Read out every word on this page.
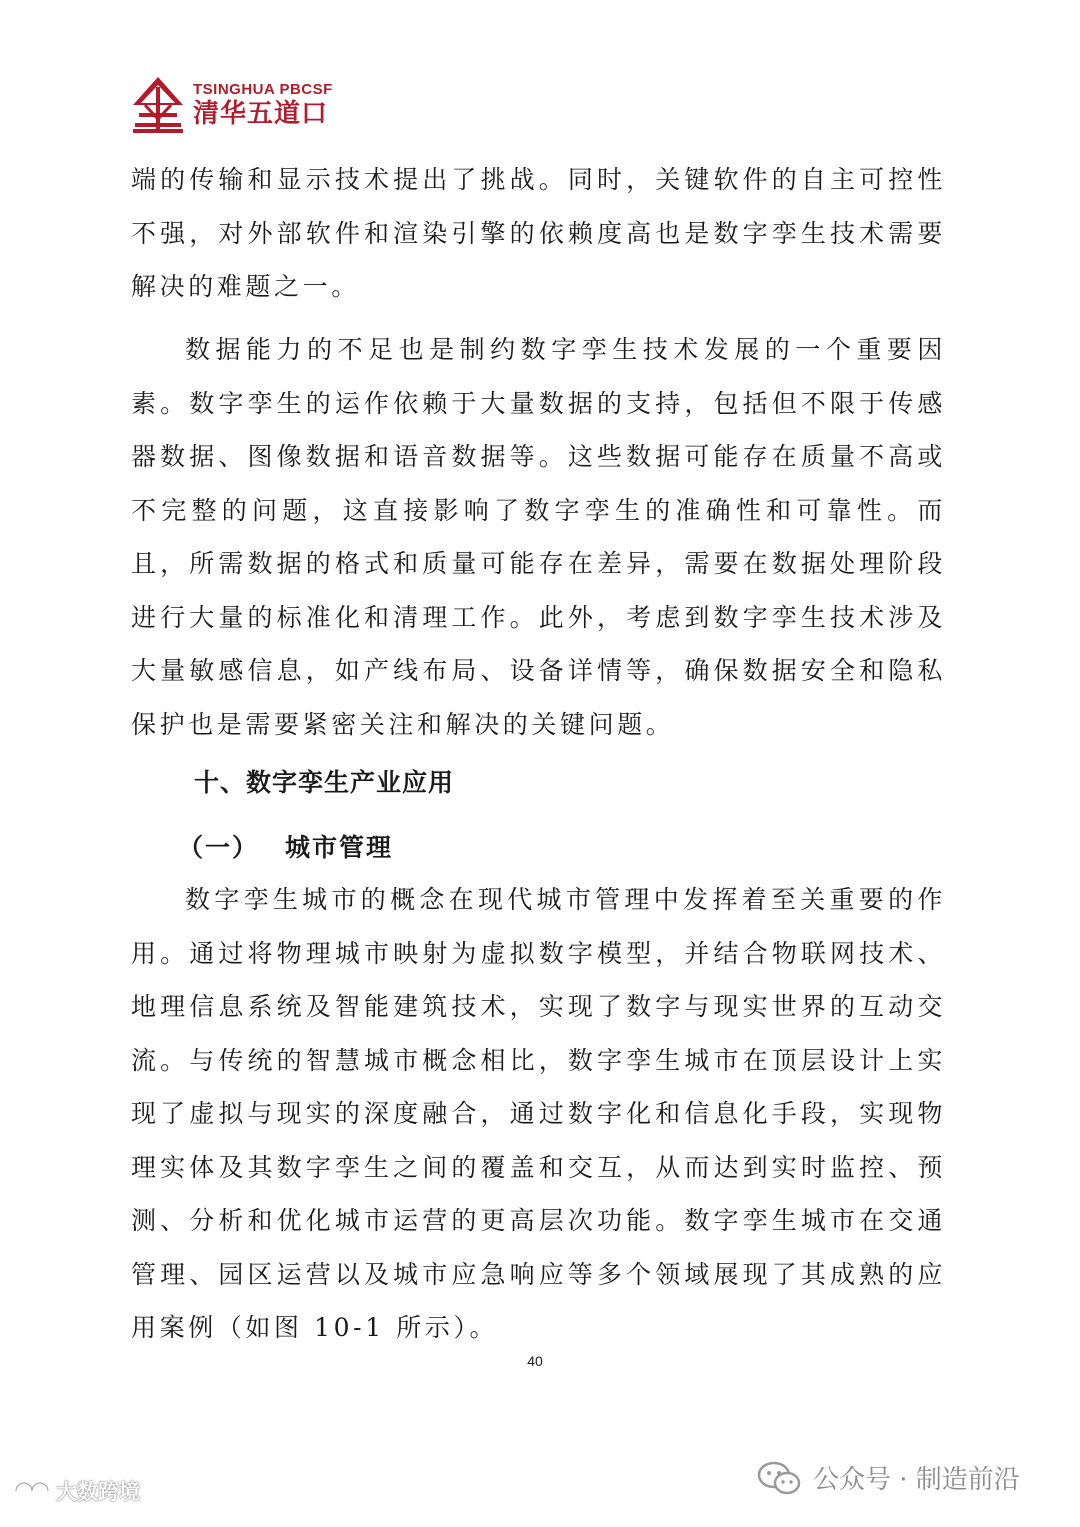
TSINGHUA PBCSF
清华五道口

端的传输和显示技术提出了挑战。同时，关键软件的自主可控性不强，对外部软件和渲染引擎的依赖度高也是数字孪生技术需要解决的难题之一。

数据能力的不足也是制约数字孪生技术发展的一个重要因素。数字孪生的运作依赖于大量数据的支持，包括但不限于传感器数据、图像数据和语音数据等。这些数据可能存在质量不高或不完整的问题，这直接影响了数字孪生的准确性和可靠性。而且，所需数据的格式和质量可能存在差异，需要在数据处理阶段进行大量的标准化和清理工作。此外，考虑到数字孪生技术涉及大量敏感信息，如产线布局、设备详情等，确保数据安全和隐私保护也是需要紧密关注和解决的关键问题。

十、数字孪生产业应用
（一） 城市管理

数字孪生城市的概念在现代城市管理中发挥着至关重要的作用。通过将物理城市映射为虚拟数字模型，并结合物联网技术、地理信息系统及智能建筑技术，实现了数字与现实世界的互动交流。与传统的智慧城市概念相比，数字孪生城市在顶层设计上实现了虚拟与现实的深度融合，通过数字化和信息化手段，实现物理实体及其数字孪生之间的覆盖和交互，从而达到实时监控、预测、分析和优化城市运营的更高层次功能。数字孪生城市在交通管理、园区运营以及城市应急响应等多个领域展现了其成熟的应用案例（如图 10-1 所示）。

40
大数跨境	公众号 · 制造前沿
